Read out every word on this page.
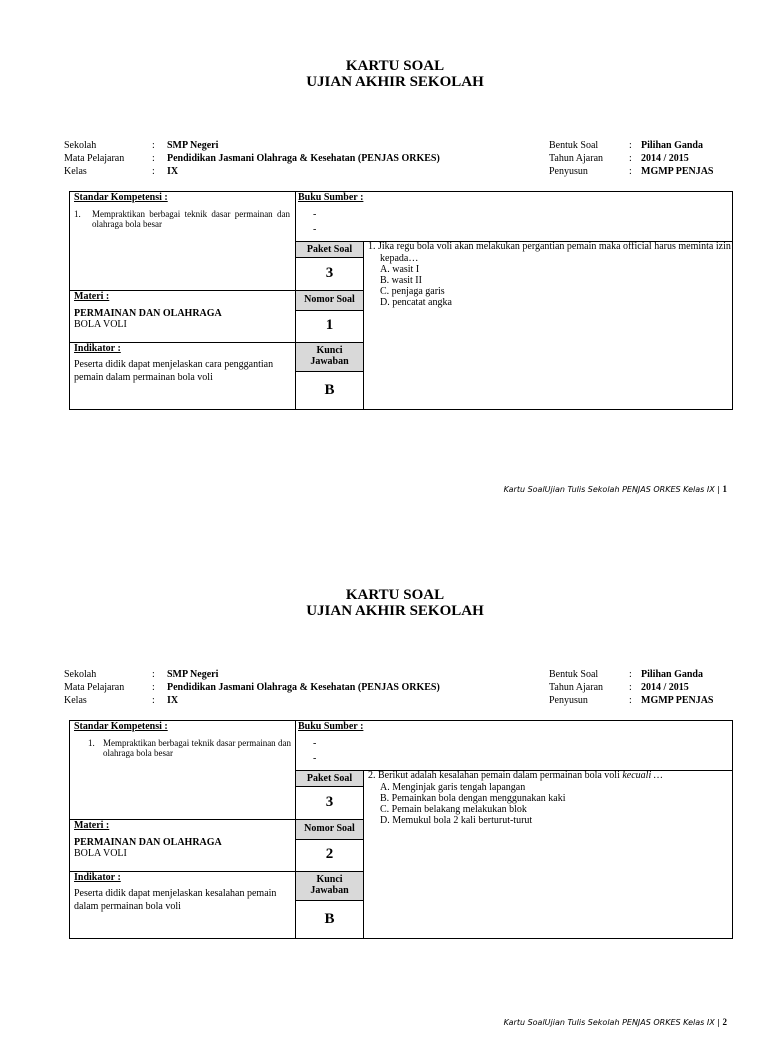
KARTU SOAL
UJIAN AKHIR SEKOLAH
Sekolah	: SMP Negeri
Mata Pelajaran	: Pendidikan Jasmani Olahraga & Kesehatan (PENJAS ORKES)
Kelas	: IX
Bentuk Soal	: Pilihan Ganda
Tahun Ajaran	: 2014 / 2015
Penyusun	: MGMP PENJAS
Standar Kompetensi :
1. Mempraktikan berbagai teknik dasar permainan dan olahraga bola besar
Buku Sumber :
-
-
Paket Soal
3
Materi :
PERMAINAN DAN OLAHRAGA
BOLA VOLI
Nomor Soal
1
Indikator :
Peserta didik dapat menjelaskan cara penggantian pemain dalam permainan bola voli
Kunci
Jawaban
B
1. Jika regu bola voli akan melakukan pergantian pemain maka official harus meminta izin
kepada…
A. wasit I
B. wasit II
C. penjaga garis
D. pencatat angka
Kartu SoalUjian Tulis Sekolah PENJAS ORKES Kelas IX | 1
KARTU SOAL
UJIAN AKHIR SEKOLAH
Sekolah	: SMP Negeri
Mata Pelajaran	: Pendidikan Jasmani Olahraga & Kesehatan (PENJAS ORKES)
Kelas	: IX
Bentuk Soal	: Pilihan Ganda
Tahun Ajaran	: 2014 / 2015
Penyusun	: MGMP PENJAS
Standar Kompetensi :
1. Mempraktikan berbagai teknik dasar permainan dan olahraga bola besar
Buku Sumber :
-
-
Paket Soal
3
Materi :
PERMAINAN DAN OLAHRAGA
BOLA VOLI
Nomor Soal
2
Indikator :
Peserta didik dapat menjelaskan kesalahan pemain dalam permainan bola voli
Kunci
Jawaban
B
2. Berikut adalah kesalahan pemain dalam permainan bola voli kecuali …
A. Menginjak garis tengah lapangan
B. Pemainkan bola dengan menggunakan kaki
C. Pemain belakang melakukan blok
D. Memukul bola 2 kali berturut-turut
Kartu SoalUjian Tulis Sekolah PENJAS ORKES Kelas IX | 2
